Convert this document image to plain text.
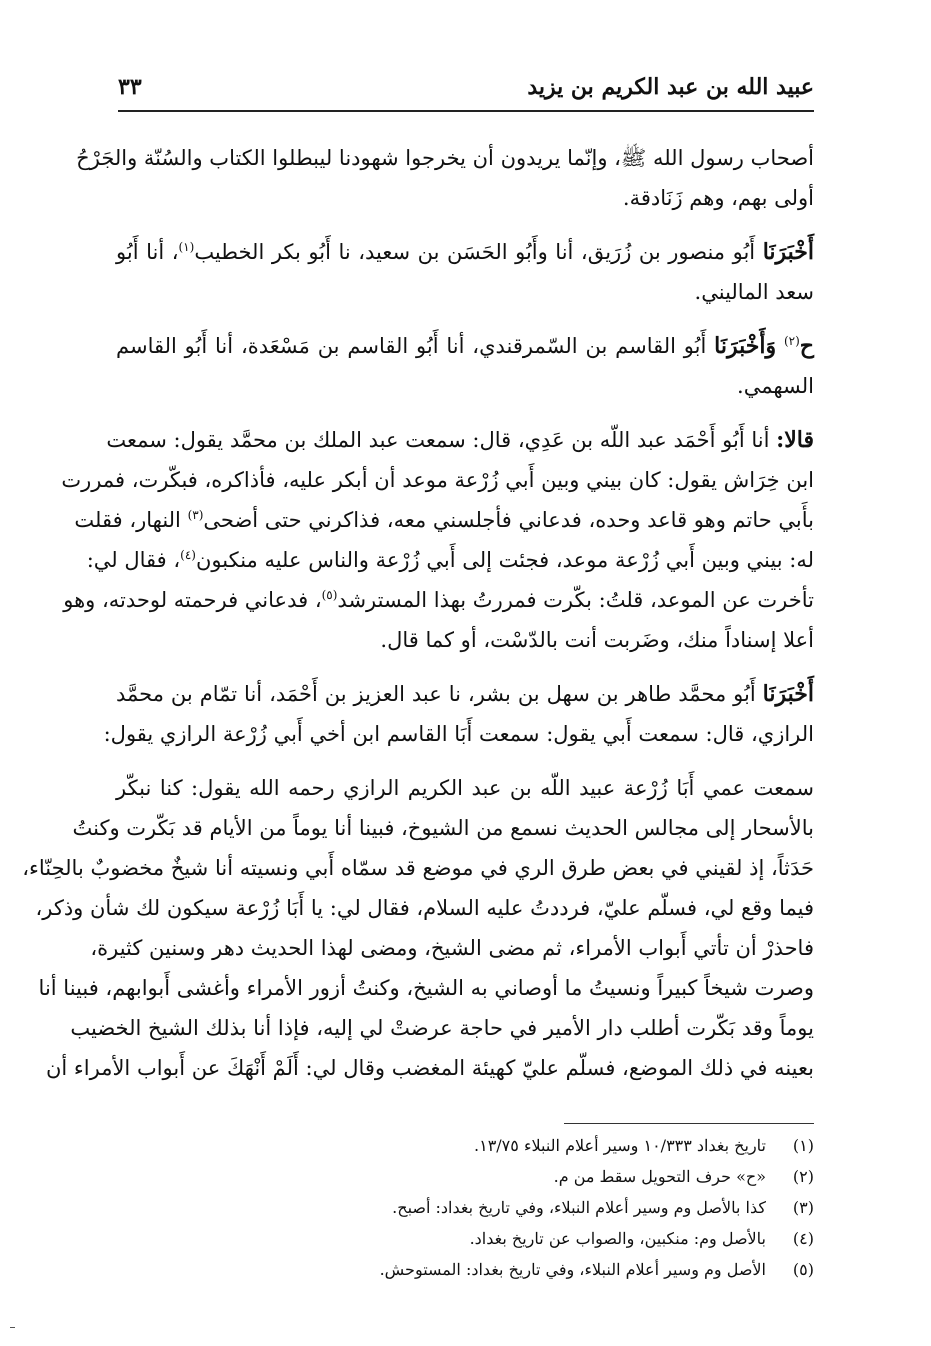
عبيد الله بن عبد الكريم بن يزيد
٣٣
أصحاب رسول الله ﷺ، وإنّما يريدون أن يخرجوا شهودنا ليبطلوا الكتاب والسُنّة والجَرْحُ
أولى بهم، وهم زَنَادقة.
أَخْبَرَنَا أَبُو منصور بن زُرَيق، أنا وأَبُو الحَسَن بن سعيد، نا أَبُو بكر الخطيب$^{(١)}$، أنا أَبُو
سعد الماليني.
ح$^{(٢)}$ وَأَخْبَرَنَا أَبُو القاسم بن السّمرقندي، أنا أَبُو القاسم بن مَسْعَدة، أنا أَبُو القاسم
السهمي.
قالا: أنا أَبُو أَحْمَد عبد اللّه بن عَدِي، قال: سمعت عبد الملك بن محمَّد يقول: سمعت
ابن خِرَاش يقول: كان بيني وبين أَبي زُرْعة موعد أن أبكر عليه، فأذاكره، فبكّرت، فمررت
بأَبي حاتم وهو قاعد وحده، فدعاني فأجلسني معه، فذاكرني حتى أضحى$^{(٣)}$ النهار، فقلت
له: بيني وبين أَبي زُرْعة موعد، فجئت إلى أَبي زُرْعة والناس عليه منكبون$^{(٤)}$، فقال لي:
تأخرت عن الموعد، قلتُ: بكّرت فمررتُ بهذا المسترشد$^{(٥)}$، فدعاني فرحمته لوحدته، وهو
أعلا إسناداً منك، وضَربت أنت بالدّسْت، أو كما قال.
أَخْبَرَنَا أَبُو محمَّد طاهر بن سهل بن بشر، نا عبد العزيز بن أَحْمَد، أنا تمّام بن محمَّد
الرازي، قال: سمعت أَبي يقول: سمعت أَبَا القاسم ابن أخي أَبي زُرْعة الرازي يقول:
سمعت عمي أَبَا زُرْعة عبيد اللّه بن عبد الكريم الرازي رحمه الله يقول: كنا نبكّر
بالأسحار إلى مجالس الحديث نسمع من الشيوخ، فبينا أنا يوماً من الأيام قد بَكّرت وكنتُ
حَدَثاً، إذ لقيني في بعض طرق الري في موضع قد سمّاه أَبي ونسيته أنا شيخٌ مخضوبٌ بالحِنّاء،
فيما وقع لي، فسلّم عليّ، فرددتُ عليه السلام، فقال لي: يا أَبَا زُرْعة سيكون لك شأن وذكر،
فاحذرْ أن تأتي أَبواب الأمراء، ثم مضى الشيخ، ومضى لهذا الحديث دهر وسنين كثيرة،
وصرت شيخاً كبيراً ونسيتُ ما أوصاني به الشيخ، وكنتُ أزور الأمراء وأغشى أَبوابهم، فبينا أنا
يوماً وقد بَكّرت أطلب دار الأمير في حاجة عرضتْ لي إليه، فإذا أنا بذلك الشيخ الخضيب
بعينه في ذلك الموضع، فسلّم عليّ كهيئة المغضب وقال لي: أَلَمْ أَنْهَكَ عن أَبواب الأمراء أن
(١)تاريخ بغداد ١٠/٣٣٣ وسير أعلام النبلاء ١٣/٧٥.
(٢)«ح» حرف التحويل سقط من م.
(٣)كذا بالأصل وم وسير أعلام النبلاء، وفي تاريخ بغداد: أصبح.
(٤)بالأصل وم: منكبين، والصواب عن تاريخ بغداد.
(٥)الأصل وم وسير أعلام النبلاء، وفي تاريخ بغداد: المستوحش.
